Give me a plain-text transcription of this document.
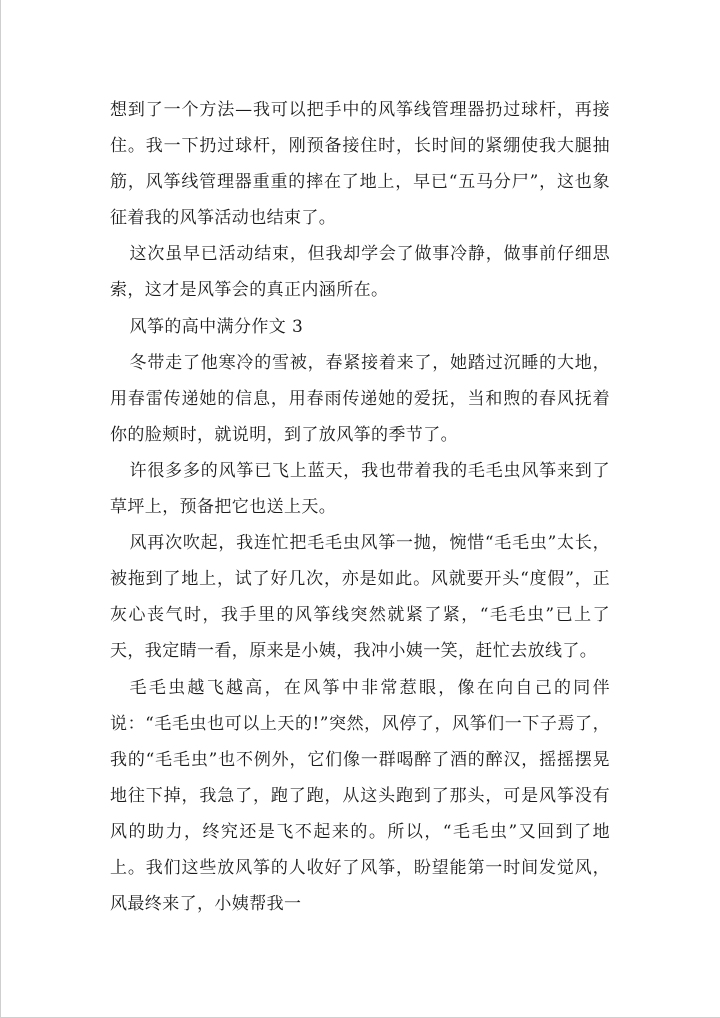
想到了一个方法—我可以把手中的风筝线管理器扔过球杆，再接住。我一下扔过球杆，刚预备接住时，长时间的紧绷使我大腿抽筋，风筝线管理器重重的摔在了地上，早已“五马分尸”，这也象征着我的风筝活动也结束了。

这次虽早已活动结束，但我却学会了做事冷静，做事前仔细思索，这才是风筝会的真正内涵所在。

风筝的高中满分作文 3

冬带走了他寒冷的雪被，春紧接着来了，她踏过沉睡的大地，用春雷传递她的信息，用春雨传递她的爱抚，当和煦的春风抚着你的脸颊时，就说明，到了放风筝的季节了。

许很多多的风筝已飞上蓝天，我也带着我的毛毛虫风筝来到了草坪上，预备把它也送上天。

风再次吹起，我连忙把毛毛虫风筝一抛，惋惜“毛毛虫”太长，被拖到了地上，试了好几次，亦是如此。风就要开头“度假”，正灰心丧气时，我手里的风筝线突然就紧了紧，“毛毛虫”已上了天，我定睛一看，原来是小姨，我冲小姨一笑，赶忙去放线了。

毛毛虫越飞越高，在风筝中非常惹眼，像在向自己的同伴说：“毛毛虫也可以上天的!”突然，风停了，风筝们一下子焉了，我的“毛毛虫”也不例外，它们像一群喝醉了酒的醉汉，摇摇摆晃地往下掉，我急了，跑了跑，从这头跑到了那头，可是风筝没有风的助力，终究还是飞不起来的。所以，“毛毛虫”又回到了地上。我们这些放风筝的人收好了风筝，盼望能第一时间发觉风，风最终来了，小姨帮我一
